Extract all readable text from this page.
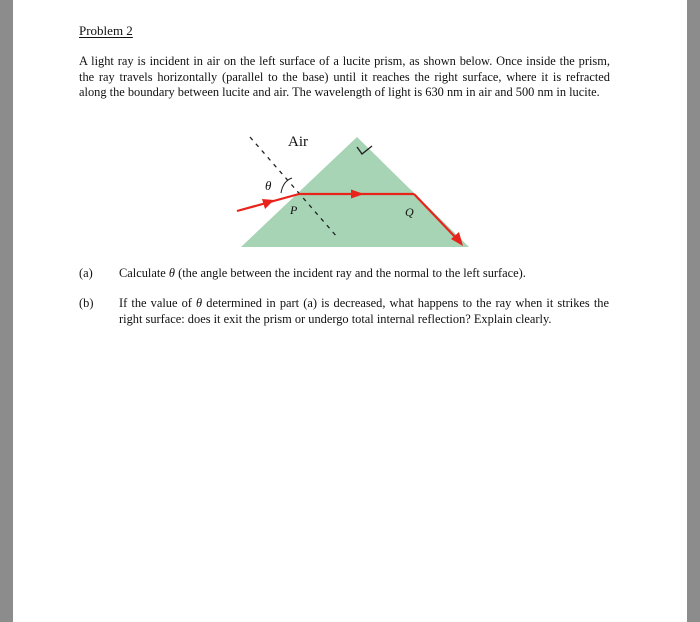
Problem 2
A light ray is incident in air on the left surface of a lucite prism, as shown below. Once inside the prism, the ray travels horizontally (parallel to the base) until it reaches the right surface, where it is refracted along the boundary between lucite and air. The wavelength of light is 630 nm in air and 500 nm in lucite.
Air
θ
P	Q
(a) Calculate θ (the angle between the incident ray and the normal to the left surface).
(b) If the value of θ determined in part (a) is decreased, what happens to the ray when it strikes the right surface: does it exit the prism or undergo total internal reflection? Explain clearly.
